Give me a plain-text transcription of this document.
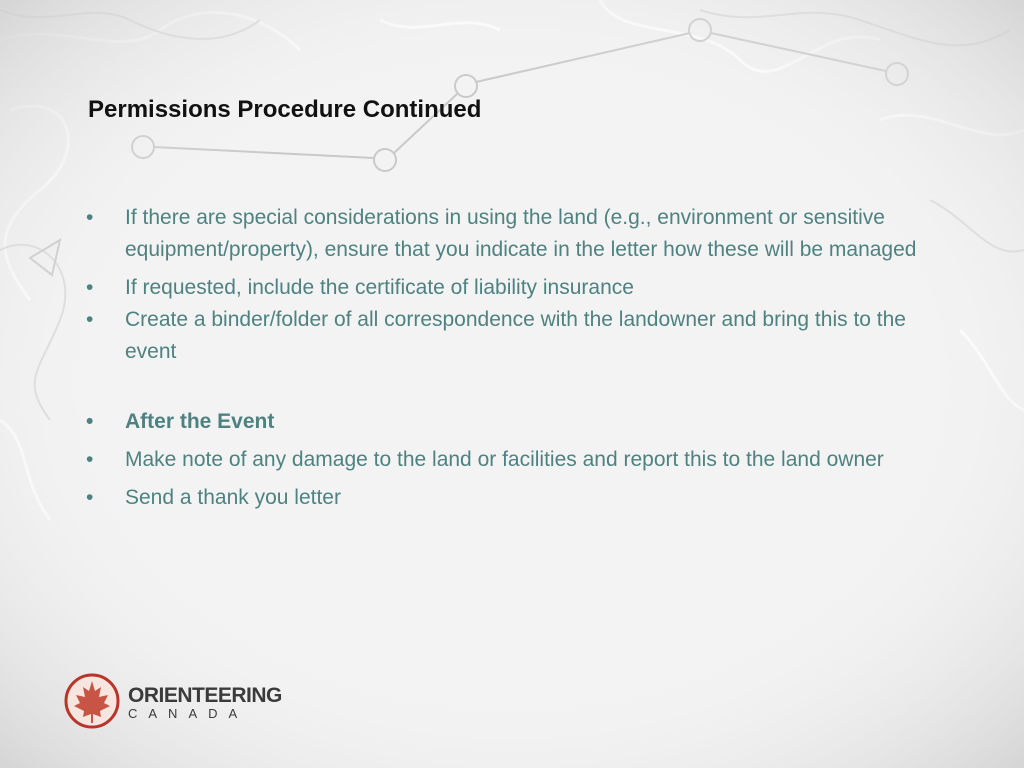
Permissions Procedure Continued
• If there are special considerations in using the land (e.g., environment or sensitive equipment/property), ensure that you indicate in the letter how these will be managed
• If requested, include the certificate of liability insurance
• Create a binder/folder of all correspondence with the landowner and bring this to the event
• After the Event
• Make note of any damage to the land or facilities and report this to the land owner
• Send a thank you letter
ORIENTEERING
CANADA
